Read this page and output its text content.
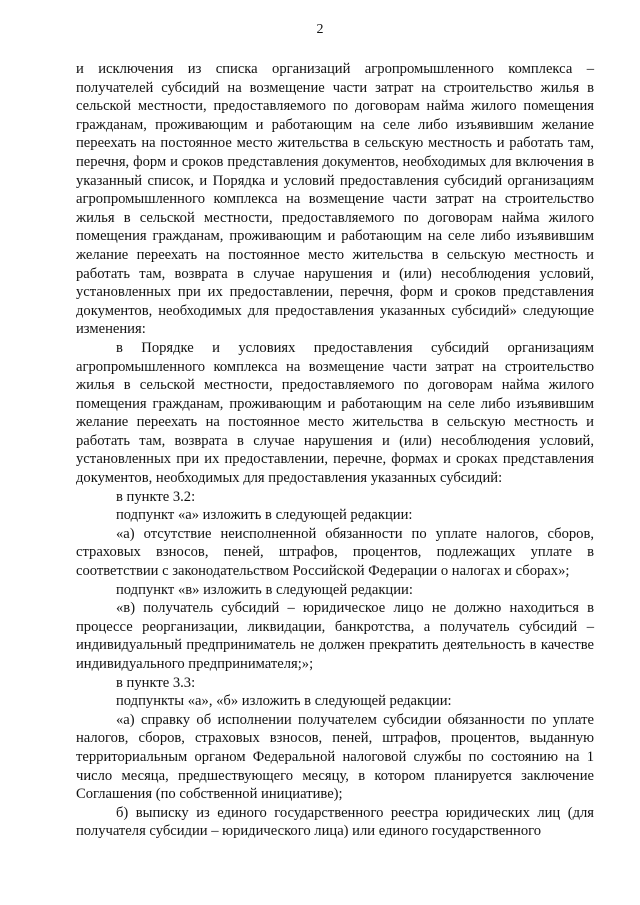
2

и исключения из списка организаций агропромышленного комплекса – получателей субсидий на возмещение части затрат на строительство жилья в сельской местности, предоставляемого по договорам найма жилого помещения гражданам, проживающим и работающим на селе либо изъявившим желание переехать на постоянное место жительства в сельскую местность и работать там, перечня, форм и сроков представления документов, необходимых для включения в указанный список, и Порядка и условий предоставления субсидий организациям агропромышленного комплекса на возмещение части затрат на строительство жилья в сельской местности, предоставляемого по договорам найма жилого помещения гражданам, проживающим и работающим на селе либо изъявившим желание переехать на постоянное место жительства в сельскую местность и работать там, возврата в случае нарушения и (или) несоблюдения условий, установленных при их предоставлении, перечня, форм и сроков представления документов, необходимых для предоставления указанных субсидий» следующие изменения:

в Порядке и условиях предоставления субсидий организациям агропромышленного комплекса на возмещение части затрат на строительство жилья в сельской местности, предоставляемого по договорам найма жилого помещения гражданам, проживающим и работающим на селе либо изъявившим желание переехать на постоянное место жительства в сельскую местность и работать там, возврата в случае нарушения и (или) несоблюдения условий, установленных при их предоставлении, перечне, формах и сроках представления документов, необходимых для предоставления указанных субсидий:

в пункте 3.2:

подпункт «а» изложить в следующей редакции:

«а) отсутствие неисполненной обязанности по уплате налогов, сборов, страховых взносов, пеней, штрафов, процентов, подлежащих уплате в соответствии с законодательством Российской Федерации о налогах и сборах»;

подпункт «в» изложить в следующей редакции:

«в) получатель субсидий – юридическое лицо не должно находиться в процессе реорганизации, ликвидации, банкротства, а получатель субсидий – индивидуальный предприниматель не должен прекратить деятельность в качестве индивидуального предпринимателя;»;

в пункте 3.3:

подпункты «а», «б» изложить в следующей редакции:

«а) справку об исполнении получателем субсидии обязанности по уплате налогов, сборов, страховых взносов, пеней, штрафов, процентов, выданную территориальным органом Федеральной налоговой службы по состоянию на 1 число месяца, предшествующего месяцу, в котором планируется заключение Соглашения (по собственной инициативе);

б) выписку из единого государственного реестра юридических лиц (для получателя субсидии – юридического лица) или единого государственного
